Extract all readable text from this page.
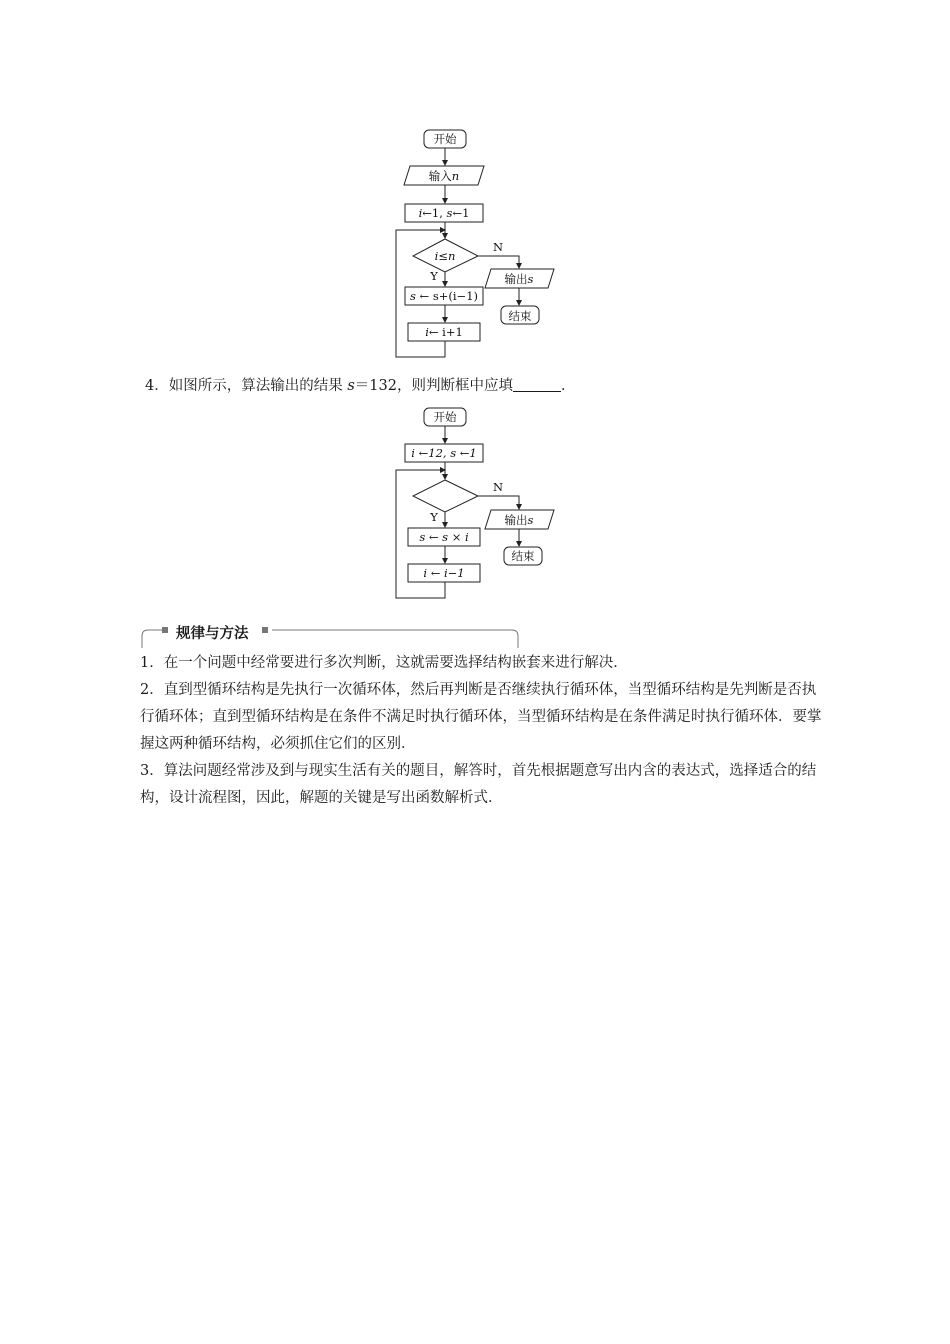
开始
输入n
i←1, s←1
i≤n
N
Y
s ← s+(i−1)
输出s
结束
i← i+1
4．如图所示，算法输出的结果 s＝132，则判断框中应填	．
开始
i ←12, s ←1
N
Y
s ← s × i
输出s
结束
i ← i−1
规律与方法
1．在一个问题中经常要进行多次判断，这就需要选择结构嵌套来进行解决．
2．直到型循环结构是先执行一次循环体，然后再判断是否继续执行循环体，当型循环结构是先判断是否执行循环体；直到型循环结构是在条件不满足时执行循环体，当型循环结构是在条件满足时执行循环体．要掌握这两种循环结构，必须抓住它们的区别．
3．算法问题经常涉及到与现实生活有关的题目，解答时，首先根据题意写出内含的表达式，选择适合的结构，设计流程图，因此，解题的关键是写出函数解析式．
